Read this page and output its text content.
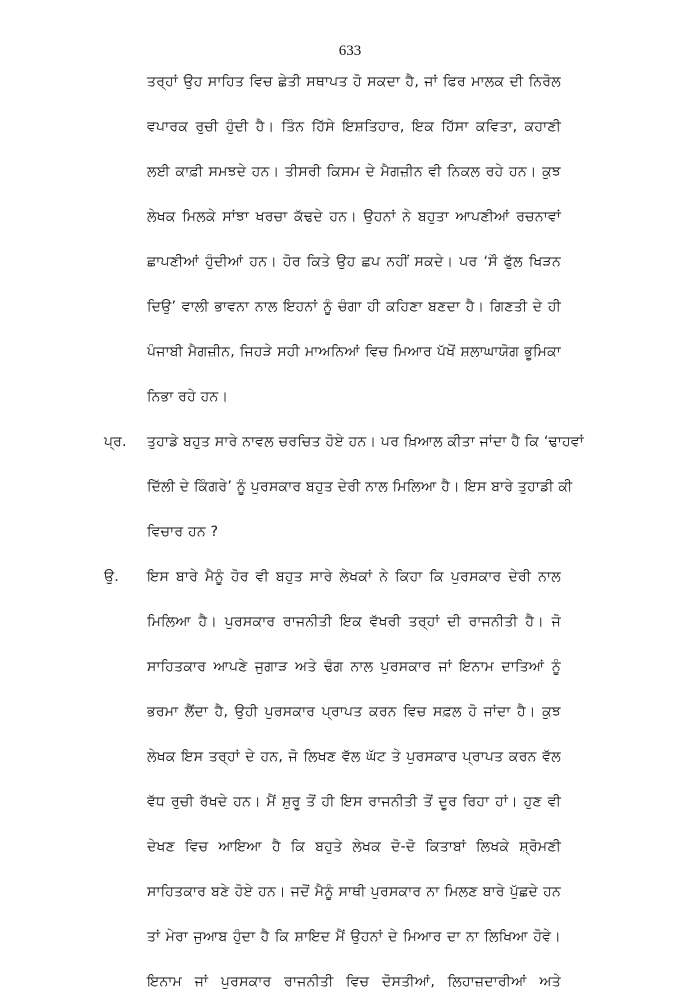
633
ਤਰ੍ਹਾਂ ਉਹ ਸਾਹਿਤ ਵਿਚ ਛੇਤੀ ਸਥਾਪਤ ਹੋ ਸਕਦਾ ਹੈ, ਜਾਂ ਫਿਰ ਮਾਲਕ ਦੀ ਨਿਰੋਲ
ਵਪਾਰਕ ਰੁਚੀ ਹੁੰਦੀ ਹੈ। ਤਿੰਨ ਹਿੱਸੇ ਇਸ਼ਤਿਹਾਰ, ਇਕ ਹਿੱਸਾ ਕਵਿਤਾ, ਕਹਾਣੀ
ਲਈ ਕਾਫ਼ੀ ਸਮਝਦੇ ਹਨ। ਤੀਸਰੀ ਕਿਸਮ ਦੇ ਮੈਗਜ਼ੀਨ ਵੀ ਨਿਕਲ ਰਹੇ ਹਨ। ਕੁਝ
ਲੇਖਕ ਮਿਲਕੇ ਸਾਂਝਾ ਖਰਚਾ ਕੱਢਦੇ ਹਨ। ਉਹਨਾਂ ਨੇ ਬਹੁਤਾ ਆਪਣੀਆਂ ਰਚਨਾਵਾਂ
ਛਾਪਣੀਆਂ ਹੁੰਦੀਆਂ ਹਨ। ਹੋਰ ਕਿਤੇ ਉਹ ਛਪ ਨਹੀਂ ਸਕਦੇ। ਪਰ ‘ਸੌ ਫੁੱਲ ਖਿੜਨ
ਦਿਉ’ ਵਾਲੀ ਭਾਵਨਾ ਨਾਲ ਇਹਨਾਂ ਨੂੰ ਚੰਗਾ ਹੀ ਕਹਿਣਾ ਬਣਦਾ ਹੈ। ਗਿਣਤੀ ਦੇ ਹੀ
ਪੰਜਾਬੀ ਮੈਗਜ਼ੀਨ, ਜਿਹੜੇ ਸਹੀ ਮਾਅਨਿਆਂ ਵਿਚ ਮਿਆਰ ਪੱਖੋਂ ਸ਼ਲਾਘਾਯੋਗ ਭੂਮਿਕਾ
ਨਿਭਾ ਰਹੇ ਹਨ।
ਪ੍ਰ. ਤੁਹਾਡੇ ਬਹੁਤ ਸਾਰੇ ਨਾਵਲ ਚਰਚਿਤ ਹੋਏ ਹਨ। ਪਰ ਖ਼ਿਆਲ ਕੀਤਾ ਜਾਂਦਾ ਹੈ ਕਿ ‘ਢਾਹਵਾਂ
ਦਿੱਲੀ ਦੇ ਕਿੰਗਰੇ’ ਨੂੰ ਪੁਰਸਕਾਰ ਬਹੁਤ ਦੇਰੀ ਨਾਲ ਮਿਲਿਆ ਹੈ। ਇਸ ਬਾਰੇ ਤੁਹਾਡੀ ਕੀ
ਵਿਚਾਰ ਹਨ ?
ਉ. ਇਸ ਬਾਰੇ ਮੈਨੂੰ ਹੋਰ ਵੀ ਬਹੁਤ ਸਾਰੇ ਲੇਖਕਾਂ ਨੇ ਕਿਹਾ ਕਿ ਪੁਰਸਕਾਰ ਦੇਰੀ ਨਾਲ
ਮਿਲਿਆ ਹੈ। ਪੁਰਸਕਾਰ ਰਾਜਨੀਤੀ ਇਕ ਵੱਖਰੀ ਤਰ੍ਹਾਂ ਦੀ ਰਾਜਨੀਤੀ ਹੈ। ਜੋ
ਸਾਹਿਤਕਾਰ ਆਪਣੇ ਜੁਗਾੜ ਅਤੇ ਢੰਗ ਨਾਲ ਪੁਰਸਕਾਰ ਜਾਂ ਇਨਾਮ ਦਾਤਿਆਂ ਨੂੰ
ਭਰਮਾ ਲੈਂਦਾ ਹੈ, ਉਹੀ ਪੁਰਸਕਾਰ ਪ੍ਰਾਪਤ ਕਰਨ ਵਿਚ ਸਫ਼ਲ ਹੋ ਜਾਂਦਾ ਹੈ। ਕੁਝ
ਲੇਖਕ ਇਸ ਤਰ੍ਹਾਂ ਦੇ ਹਨ, ਜੋ ਲਿਖਣ ਵੱਲ ਘੱਟ ਤੇ ਪੁਰਸਕਾਰ ਪ੍ਰਾਪਤ ਕਰਨ ਵੱਲ
ਵੱਧ ਰੁਚੀ ਰੱਖਦੇ ਹਨ। ਮੈਂ ਸ਼ੁਰੂ ਤੋਂ ਹੀ ਇਸ ਰਾਜਨੀਤੀ ਤੋਂ ਦੂਰ ਰਿਹਾ ਹਾਂ। ਹੁਣ ਵੀ
ਦੇਖਣ ਵਿਚ ਆਇਆ ਹੈ ਕਿ ਬਹੁਤੇ ਲੇਖਕ ਦੋ-ਦੋ ਕਿਤਾਬਾਂ ਲਿਖਕੇ ਸ਼੍ਰੋਮਣੀ
ਸਾਹਿਤਕਾਰ ਬਣੇ ਹੋਏ ਹਨ। ਜਦੋਂ ਮੈਨੂੰ ਸਾਥੀ ਪੁਰਸਕਾਰ ਨਾ ਮਿਲਣ ਬਾਰੇ ਪੁੱਛਦੇ ਹਨ
ਤਾਂ ਮੇਰਾ ਜੁਆਬ ਹੁੰਦਾ ਹੈ ਕਿ ਸ਼ਾਇਦ ਮੈਂ ਉਹਨਾਂ ਦੇ ਮਿਆਰ ਦਾ ਨਾ ਲਿਖਿਆ ਹੋਵੇ।
ਇਨਾਮ ਜਾਂ ਪੁਰਸਕਾਰ ਰਾਜਨੀਤੀ ਵਿਚ ਦੋਸਤੀਆਂ, ਲਿਹਾਜ਼ਦਾਰੀਆਂ ਅਤੇ
